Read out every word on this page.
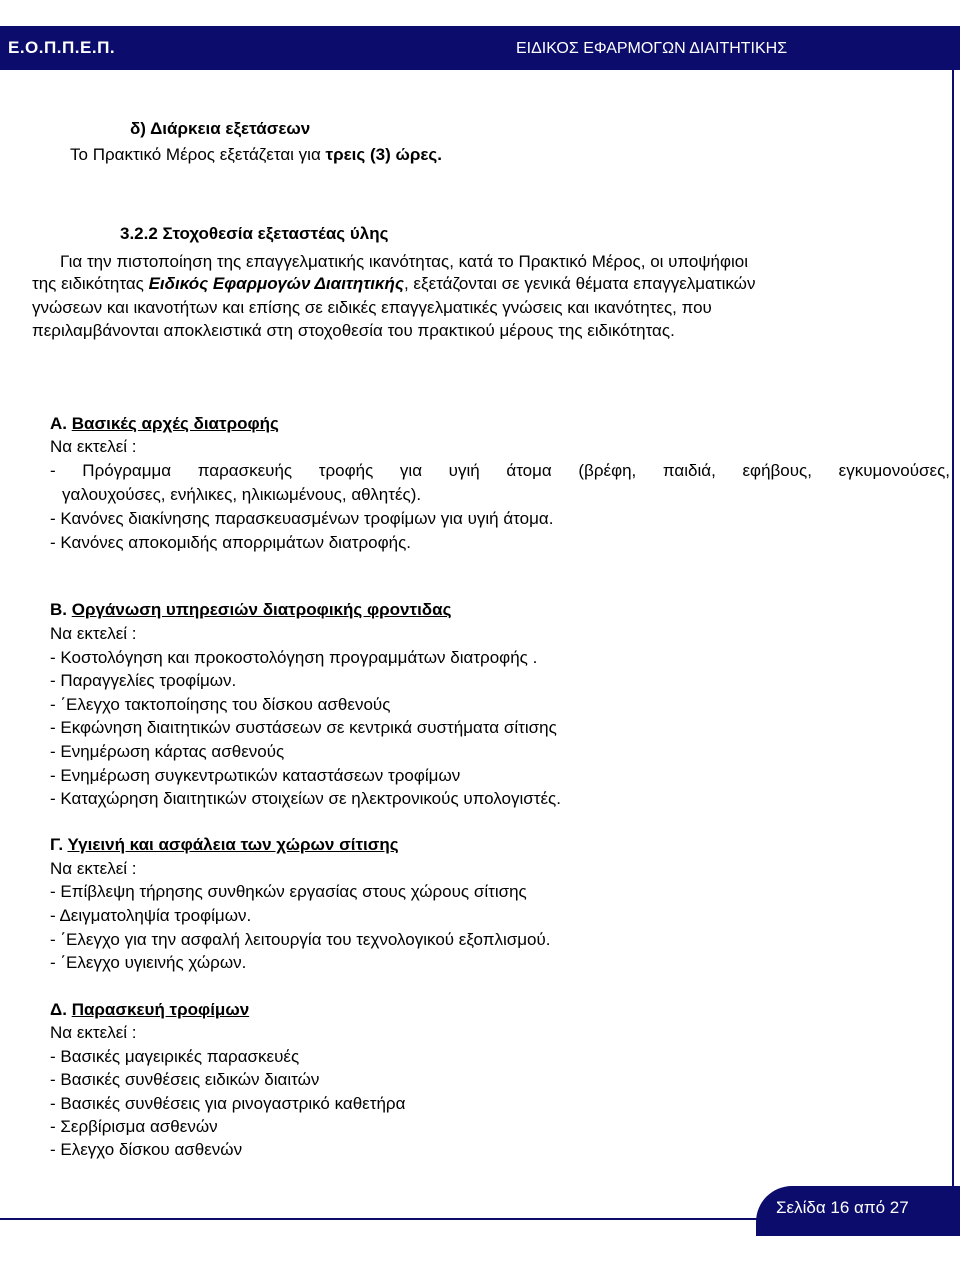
Ε.Ο.Π.Π.Ε.Π.	ΕΙΔΙΚΟΣ ΕΦΑΡΜΟΓΩΝ ΔΙΑΙΤΗΤΙΚΗΣ
δ) Διάρκεια εξετάσεων
Το Πρακτικό Μέρος εξετάζεται για τρεις (3) ώρες.
3.2.2 Στοχοθεσία εξεταστέας ύλης
Για την πιστοποίηση της επαγγελματικής ικανότητας, κατά το Πρακτικό Μέρος, οι υποψήφιοι
της ειδικότητας Ειδικός Εφαρμογών Διαιτητικής, εξετάζονται σε γενικά θέματα επαγγελματικών
γνώσεων και ικανοτήτων και επίσης σε ειδικές επαγγελματικές γνώσεις και ικανότητες, που
περιλαμβάνονται αποκλειστικά στη στοχοθεσία του πρακτικού μέρους της ειδικότητας.
Α. Βασικές αρχές διατροφής
Να εκτελεί :
- Πρόγραμμα παρασκευής τροφής για υγιή άτομα (βρέφη, παιδιά, εφήβους, εγκυμονούσες,
γαλουχούσες, ενήλικες, ηλικιωμένους, αθλητές).
- Κανόνες διακίνησης παρασκευασμένων τροφίμων για υγιή άτομα.
- Κανόνες αποκομιδής απορριμάτων διατροφής.
Β. Οργάνωση υπηρεσιών διατροφικής φροντιδας
Να εκτελεί :
- Κοστολόγηση και προκοστολόγηση προγραμμάτων διατροφής .
- Παραγγελίες τροφίμων.
- ΄Ελεγχο τακτοποίησης του δίσκου ασθενούς
- Εκφώνηση διαιτητικών συστάσεων σε κεντρικά συστήματα σίτισης
- Ενημέρωση κάρτας ασθενούς
- Ενημέρωση συγκεντρωτικών καταστάσεων τροφίμων
- Καταχώρηση διαιτητικών στοιχείων σε ηλεκτρονικούς υπολογιστές.
Γ. Υγιεινή και ασφάλεια των χώρων σίτισης
Να εκτελεί :
- Επίβλεψη τήρησης συνθηκών εργασίας στους χώρους σίτισης
- Δειγματοληψία τροφίμων.
- ΄Ελεγχο για την ασφαλή λειτουργία του τεχνολογικού εξοπλισμού.
- ΄Ελεγχο υγιεινής χώρων.
Δ. Παρασκευή τροφίμων
Να εκτελεί :
- Βασικές μαγειρικές παρασκευές
- Βασικές συνθέσεις ειδικών διαιτών
- Βασικές συνθέσεις για ρινογαστρικό καθετήρα
- Σερβίρισμα ασθενών
- Ελεγχο δίσκου ασθενών
Σελίδα 16 από 27
